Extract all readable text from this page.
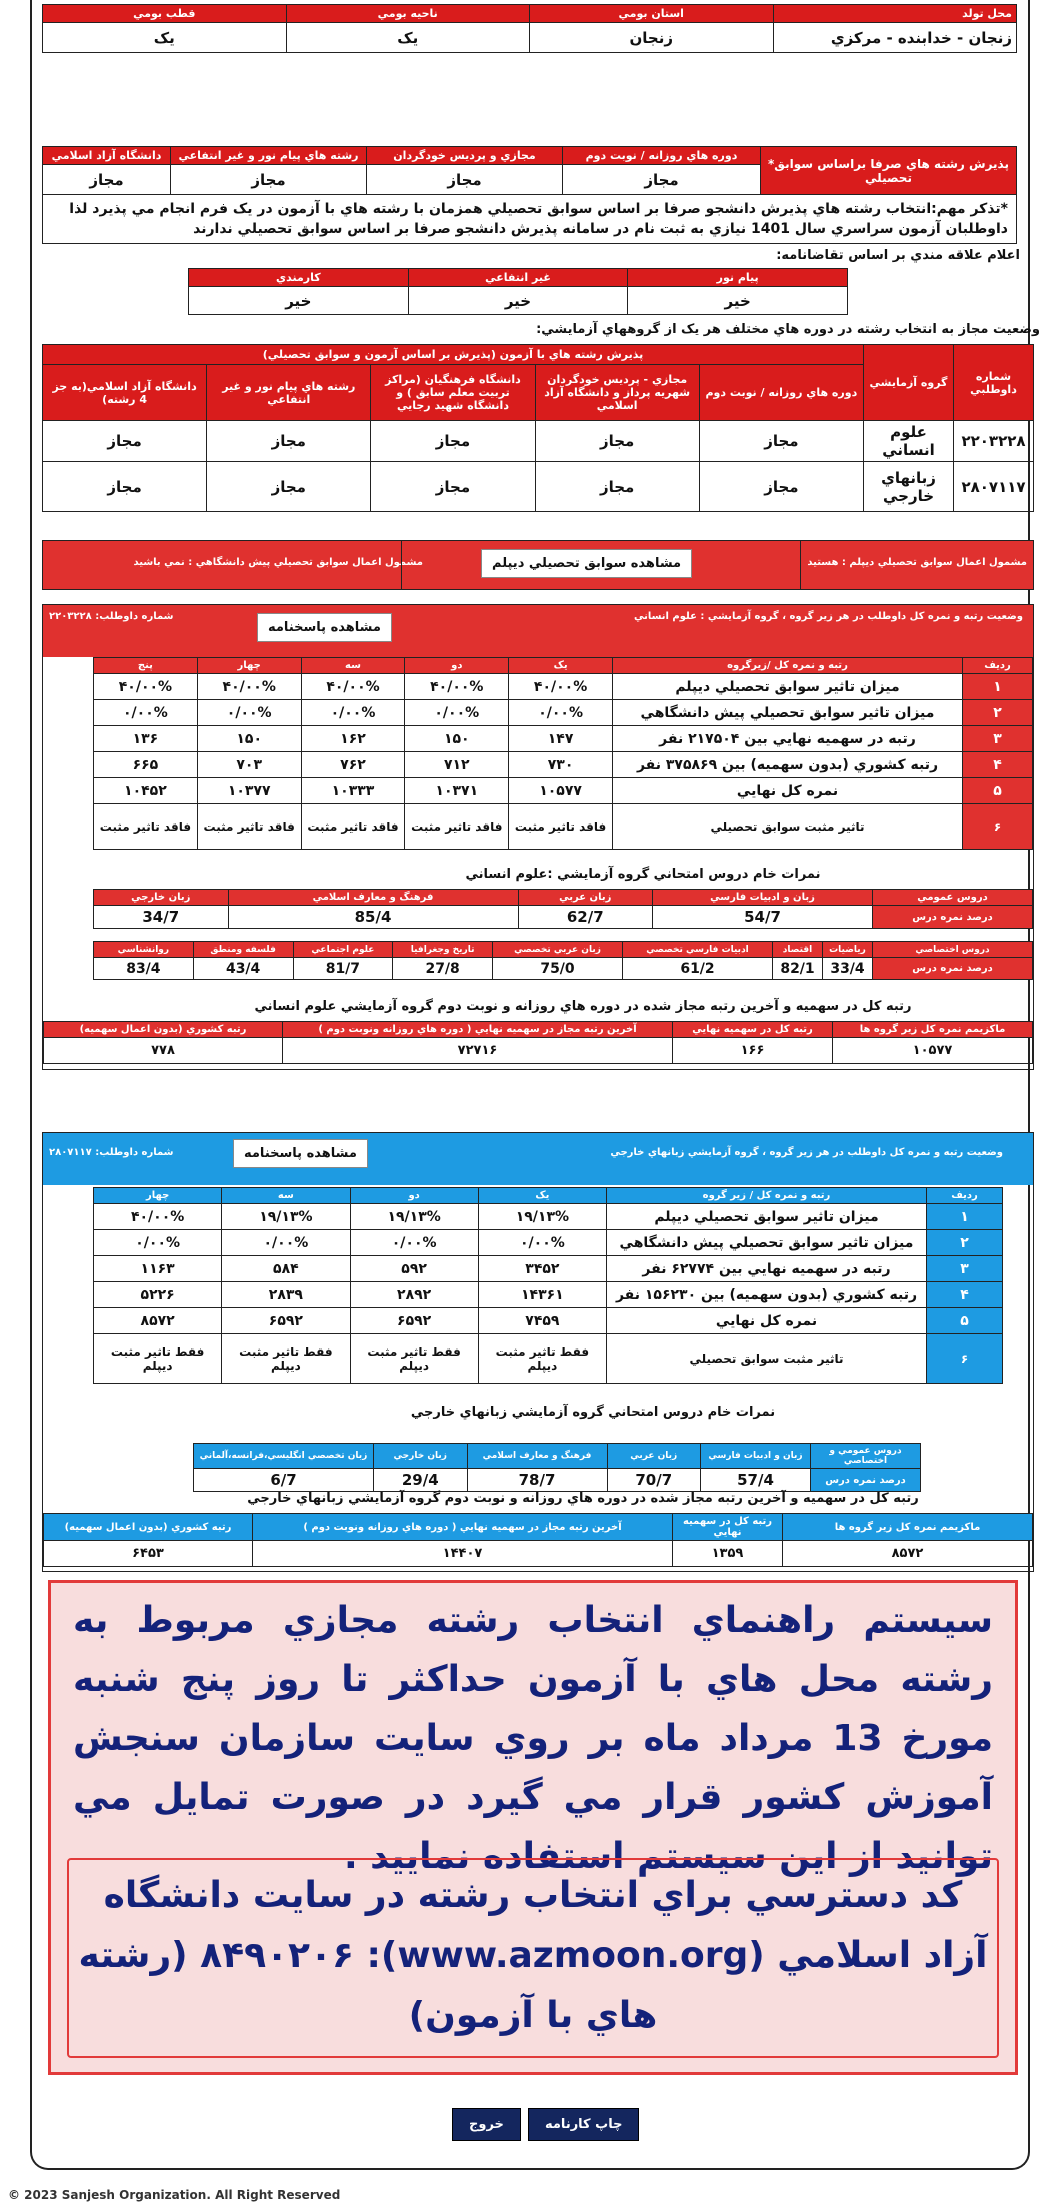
قطب بومي	ناحيه بومي	استان بومي	محل تولد
يک	يک	زنجان	زنجان - خدابنده - مرکزي
دانشگاه آزاد اسلامي	رشته هاي پيام نور و غير انتفاعي	مجازي و پرديس خودگردان	دوره هاي روزانه / نوبت دوم	*پذيرش رشته هاي صرفا براساس سوابق تحصيلي
مجاز	مجاز	مجاز	مجاز	
*تذکر مهم:انتخاب رشته هاي پذيرش دانشجو صرفا بر اساس سوابق تحصيلي همزمان با رشته هاي با آزمون در يک فرم انجام مي پذيرد لذا داوطلبان آزمون سراسري سال 1401 نيازي به ثبت نام در سامانه پذيرش دانشجو صرفا بر اساس سوابق تحصيلي ندارند				
اعلام علاقه مندي بر اساس تقاضانامه:
کارمندي	غير انتفاعي	پيام نور
خير	خير	خير
وضعيت مجاز به انتخاب رشته در دوره هاي مختلف هر يک از گروههاي آزمايشي:
پذيرش رشته هاي با آزمون (پذيرش بر اساس آزمون و سوابق تحصيلي)					گروه آزمايشي	شماره داوطلبي
دانشگاه آزاد اسلامي(به جز 4 رشته)	رشته هاي پيام نور و غير انتفاعي	دانشگاه فرهنگيان (مراکز تربيت معلم سابق ) و دانشگاه شهيد رجايي	مجازي - پرديس خودگردان شهريه پرداز و دانشگاه آزاد اسلامي	دوره هاي روزانه / نوبت دوم		
مجاز	مجاز	مجاز	مجاز	مجاز	علوم انساني	۲۲۰۳۲۲۸
مجاز	مجاز	مجاز	مجاز	مجاز	زبانهاي خارجي	۲۸۰۷۱۱۷
مشمول اعمال سوابق تحصيلي پيش دانشگاهي : نمي باشيد	مشاهده سوابق تحصيلي ديپلم	مشمول اعمال سوابق تحصيلي ديپلم : هستيد
شماره داوطلب: ۲۲۰۳۲۲۸
مشاهده پاسخنامه
وضعيت رتبه و نمره کل داوطلب در هر زير گروه ، گروه آزمايشي : علوم انساني
پنج	چهار	سه	دو	يک	رتبه و نمره کل /زيرگروه	رديف
۴۰/۰۰%	۴۰/۰۰%	۴۰/۰۰%	۴۰/۰۰%	۴۰/۰۰%	ميزان تاثير سوابق تحصيلي ديپلم	۱
۰/۰۰%	۰/۰۰%	۰/۰۰%	۰/۰۰%	۰/۰۰%	ميزان تاثير سوابق تحصيلي پيش دانشگاهي	۲
۱۳۶	۱۵۰	۱۶۲	۱۵۰	۱۴۷	رتبه در سهميه نهايي بين ۲۱۷۵۰۴ نفر	۳
۶۶۵	۷۰۳	۷۶۲	۷۱۲	۷۳۰	رتبه کشوري (بدون سهميه) بين ۳۷۵۸۶۹ نفر	۴
۱۰۴۵۲	۱۰۳۷۷	۱۰۳۳۳	۱۰۳۷۱	۱۰۵۷۷	نمره کل نهايي	۵
فاقد تاثير مثبت	فاقد تاثير مثبت	فاقد تاثير مثبت	فاقد تاثير مثبت	فاقد تاثير مثبت	تاثير مثبت سوابق تحصيلي	۶
نمرات خام دروس امتحاني گروه آزمايشي :علوم انساني
زبان خارجي	فرهنگ و معارف اسلامي	زبان عربي	زبان و ادبيات فارسي	دروس عمومي
34/7	85/4	62/7	54/7	درصد نمره درس
روانشناسي	فلسفه ومنطق	علوم اجتماعي	تاريخ وجغرافيا	زبان عربي تخصصي	ادبيات فارسي تخصصي	اقتصاد	رياضيات	دروس اختصاصي
83/4	43/4	81/7	27/8	75/0	61/2	82/1	33/4	درصد نمره درس
رتبه کل در سهميه و آخرين رتبه مجاز شده در دوره هاي روزانه و نوبت دوم گروه آزمايشي علوم انساني
رتبه کشوري (بدون اعمال سهميه)	آخرين رتبه مجاز در سهميه نهايي ( دوره هاي روزانه ونوبت دوم )	رتبه کل در سهميه نهايي	ماکزيمم نمره کل زير گروه ها
۷۷۸	۷۲۷۱۶	۱۶۶	۱۰۵۷۷
شماره داوطلب: ۲۸۰۷۱۱۷	مشاهده پاسخنامه	وضعيت رتبه و نمره کل داوطلب در هر زير گروه ، گروه آزمايشي زبانهاي خارجي
چهار	سه	دو	يک	رتبه و نمره کل / زير گروه	رديف
۴۰/۰۰%	۱۹/۱۳%	۱۹/۱۳%	۱۹/۱۳%	ميزان تاثير سوابق تحصيلي ديپلم	۱
۰/۰۰%	۰/۰۰%	۰/۰۰%	۰/۰۰%	ميزان تاثير سوابق تحصيلي پيش دانشگاهي	۲
۱۱۶۳	۵۸۴	۵۹۲	۳۴۵۲	رتبه در سهميه نهايي بين ۶۲۷۷۴ نفر	۳
۵۲۲۶	۲۸۳۹	۲۸۹۲	۱۴۳۶۱	رتبه کشوري (بدون سهميه) بين ۱۵۶۲۳۰ نفر	۴
۸۵۷۲	۶۵۹۲	۶۵۹۲	۷۴۵۹	نمره کل نهايي	۵
فقط تاثير مثبت ديپلم	فقط تاثير مثبت ديپلم	فقط تاثير مثبت ديپلم	فقط تاثير مثبت ديپلم	تاثير مثبت سوابق تحصيلي	۶
نمرات خام دروس امتحاني گروه آزمايشي زبانهاي خارجي
زبان تخصصي انگليسي،فرانسه،آلماني	زبان خارجي	فرهنگ و معارف اسلامي	زبان عربي	زبان و ادبيات فارسي	دروس عمومي و اختصاصي
6/7	29/4	78/7	70/7	57/4	درصد نمره درس
رتبه کل در سهميه و آخرين رتبه مجاز شده در دوره هاي روزانه و نوبت دوم گروه آزمايشي زبانهاي خارجي
رتبه کشوري (بدون اعمال سهميه)	آخرين رتبه مجاز در سهميه نهايي ( دوره هاي روزانه ونوبت دوم )	رتبه کل در سهميه نهايي	ماکزيمم نمره کل زير گروه ها
۶۴۵۳	۱۴۴۰۷	۱۳۵۹	۸۵۷۲
سيستم راهنماي انتخاب رشته مجازي مربوط به رشته محل هاي با آزمون حداکثر تا روز پنج شنبه مورخ 13 مرداد ماه بر روي سايت سازمان سنجش آموزش کشور قرار مي گيرد در صورت تمايل مي توانيد از اين سيستم استفاده نماييد .
کد دسترسي براي انتخاب رشته در سايت دانشگاه آزاد اسلامي (www.azmoon.org): ۸۴۹۰۲۰۶ (رشته هاي با آزمون)
چاپ کارنامه
خروج
© 2023 Sanjesh Organization. All Right Reserved
